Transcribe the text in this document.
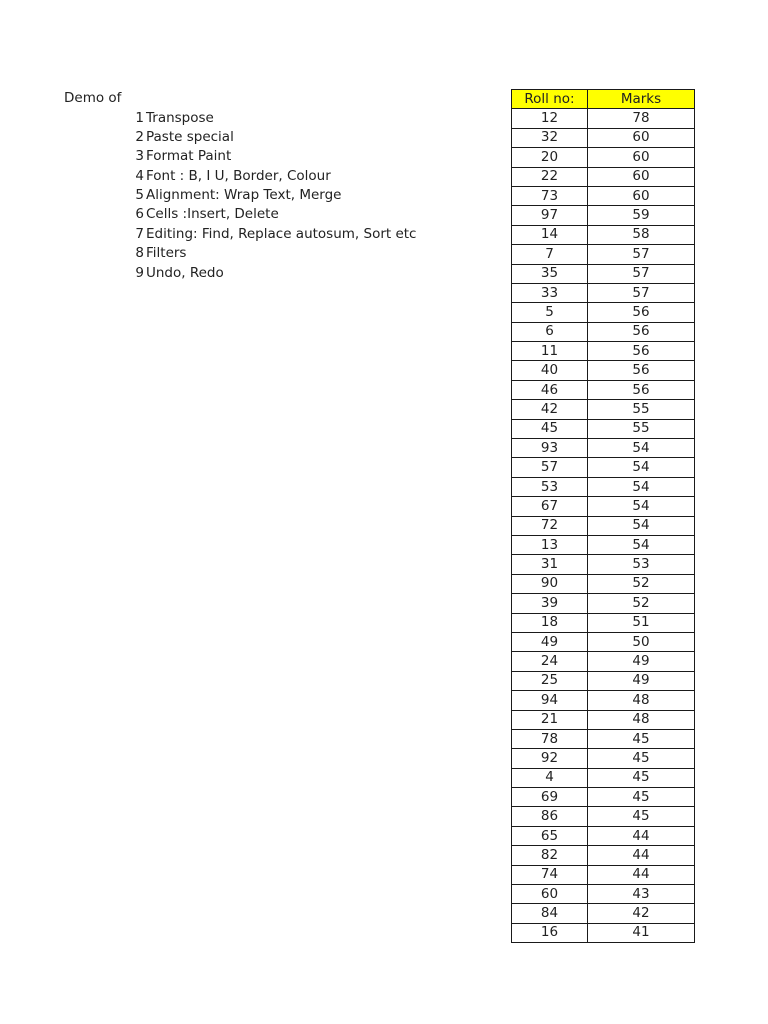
Demo of
1 Transpose
2 Paste special
3 Format Paint
4 Font : B, I U, Border, Colour
5 Alignment: Wrap Text, Merge
6 Cells :Insert, Delete
7 Editing: Find, Replace autosum, Sort etc
8 Filters
9 Undo, Redo
Roll no:	Marks
12	78
32	60
20	60
22	60
73	60
97	59
14	58
7	57
35	57
33	57
5	56
6	56
11	56
40	56
46	56
42	55
45	55
93	54
57	54
53	54
67	54
72	54
13	54
31	53
90	52
39	52
18	51
49	50
24	49
25	49
94	48
21	48
78	45
92	45
4	45
69	45
86	45
65	44
82	44
74	44
60	43
84	42
16	41
